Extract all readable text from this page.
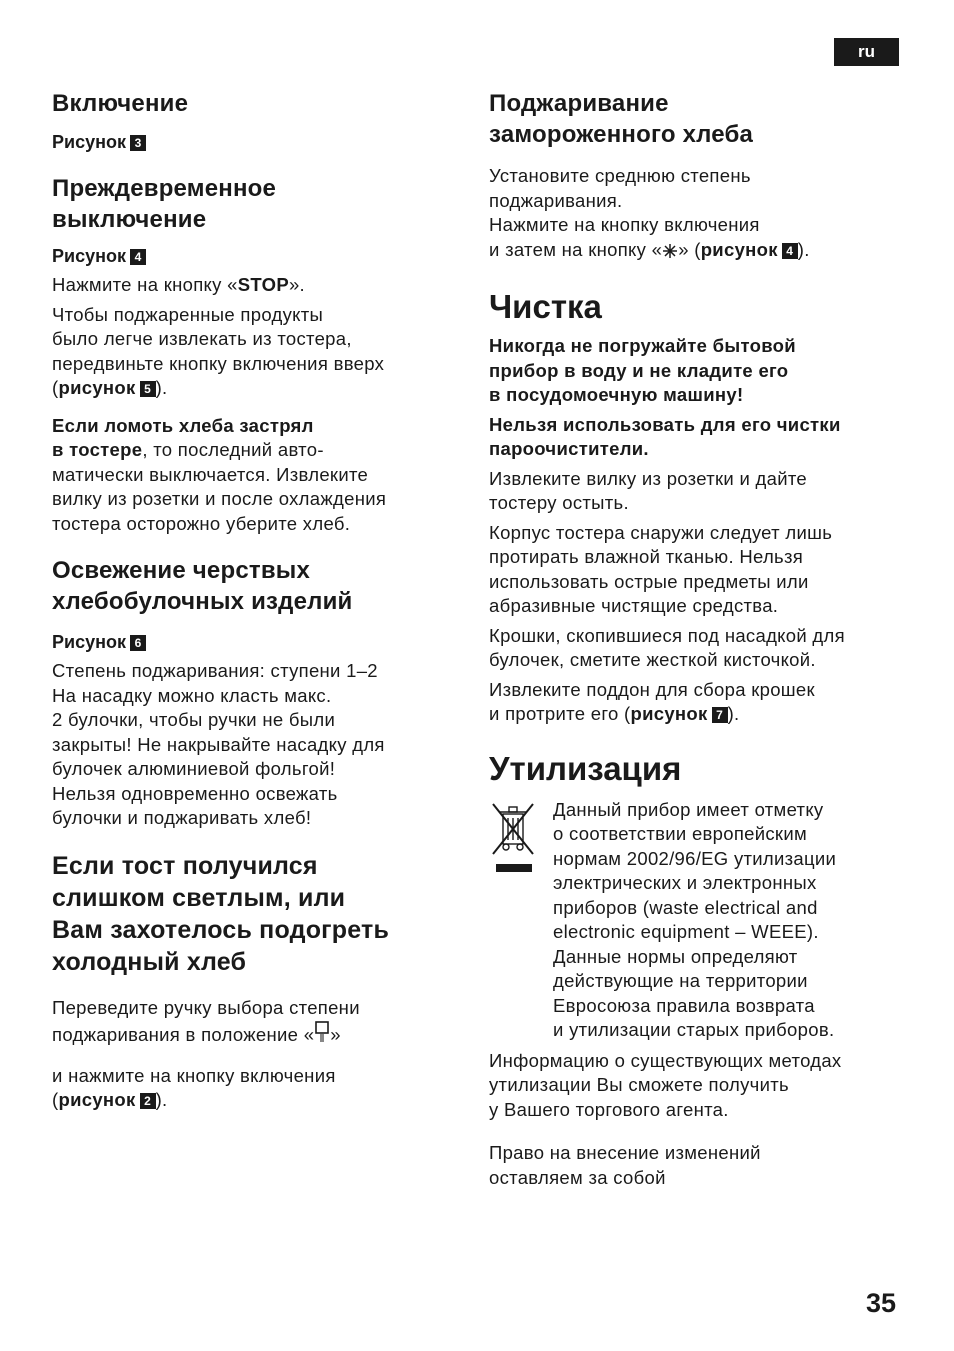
ru
Включение
Рисунок 3
Преждевременное
выключение
Рисунок 4

Нажмите на кнопку «STOP».

Чтобы поджаренные продукты
было легче извлекать из тостера,
передвиньте кнопку включения вверх
(рисунок 5 ).

Если ломоть хлеба застрял
в тостере, то последний авто-
матически выключается. Извлеките
вилку из розетки и после охлаждения
тостера осторожно уберите хлеб.

Освежение черствых
хлебобулочных изделий
Рисунок 6

Степень поджаривания: ступени 1–2
На насадку можно класть макс.
2 булочки, чтобы ручки не были
закрыты! Не накрывайте насадку для
булочек алюминиевой фольгой!
Нельзя одновременно освежать
булочки и поджаривать хлеб!

Если тост получился
слишком светлым, или
Вам захотелось подогреть
холодный хлеб

Переведите ручку выбора степени
поджаривания в положение « »

и нажмите на кнопку включения
(рисунок 2 ).

Поджаривание
замороженного хлеба

Установите среднюю степень
поджаривания.
Нажмите на кнопку включения
и затем на кнопку « » (рисунок 4 ).

Чистка

Никогда не погружайте бытовой
прибор в воду и не кладите его
в посудомоечную машину!

Нельзя использовать для его чистки
пароочистители.

Извлеките вилку из розетки и дайте
тостеру остыть.

Корпус тостера снаружи следует лишь
протирать влажной тканью. Нельзя
использовать острые предметы или
абразивные чистящие средства.

Крошки, скопившиеся под насадкой для
булочек, сметите жесткой кисточкой.

Извлеките поддон для сбора крошек
и протрите его (рисунок 7 ).

Утилизация

Данный прибор имеет отметку
о соответствии европейским
нормам 2002/96/EG утилизации
электрических и электронных
приборов (waste electrical and
electronic equipment – WEEE).
Данные нормы определяют
действующие на территории
Евросоюза правила возврата
и утилизации старых приборов.

Информацию о существующих методах
утилизации Вы сможете получить
у Вашего торгового агента.

Право на внесение изменений
оставляем за собой

35
